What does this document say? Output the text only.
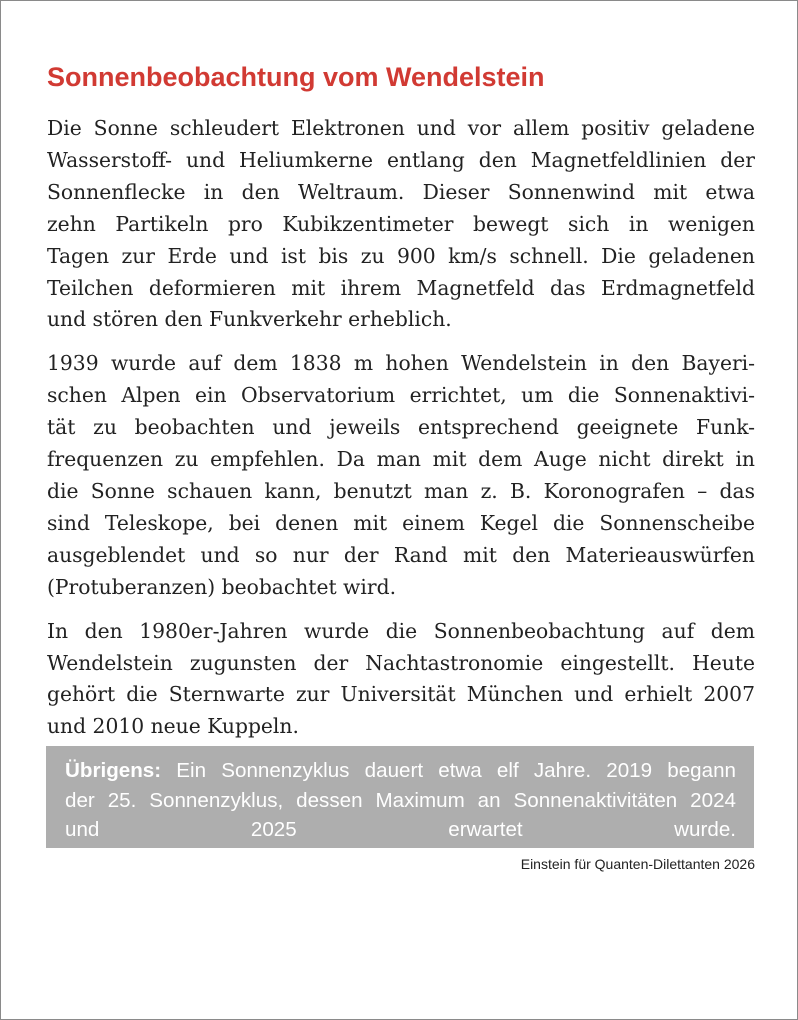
Sonnenbeobachtung vom Wendelstein

Die Sonne schleudert Elektronen und vor allem positiv geladene
Wasserstoff- und Heliumkerne entlang den Magnetfeldlinien der
Sonnenflecke in den Weltraum. Dieser Sonnenwind mit etwa
zehn Partikeln pro Kubikzentimeter bewegt sich in wenigen
Tagen zur Erde und ist bis zu 900 km/s schnell. Die geladenen
Teilchen deformieren mit ihrem Magnetfeld das Erdmagnetfeld
und stören den Funkverkehr erheblich.

1939 wurde auf dem 1838 m hohen Wendelstein in den Bayeri-
schen Alpen ein Observatorium errichtet, um die Sonnenaktivi-
tät zu beobachten und jeweils entsprechend geeignete Funk-
frequenzen zu empfehlen. Da man mit dem Auge nicht direkt in
die Sonne schauen kann, benutzt man z. B. Koronografen – das
sind Teleskope, bei denen mit einem Kegel die Sonnenscheibe
ausgeblendet und so nur der Rand mit den Materieauswürfen
(Protuberanzen) beobachtet wird.

In den 1980er-Jahren wurde die Sonnenbeobachtung auf dem
Wendelstein zugunsten der Nachtastronomie eingestellt. Heute
gehört die Sternwarte zur Universität München und erhielt 2007
und 2010 neue Kuppeln.

Übrigens: Ein Sonnenzyklus dauert etwa elf Jahre. 2019 begann
der 25. Sonnenzyklus, dessen Maximum an Sonnenaktivitäten 2024
und 2025 erwartet wurde.
Einstein für Quanten-Dilettanten 2026
